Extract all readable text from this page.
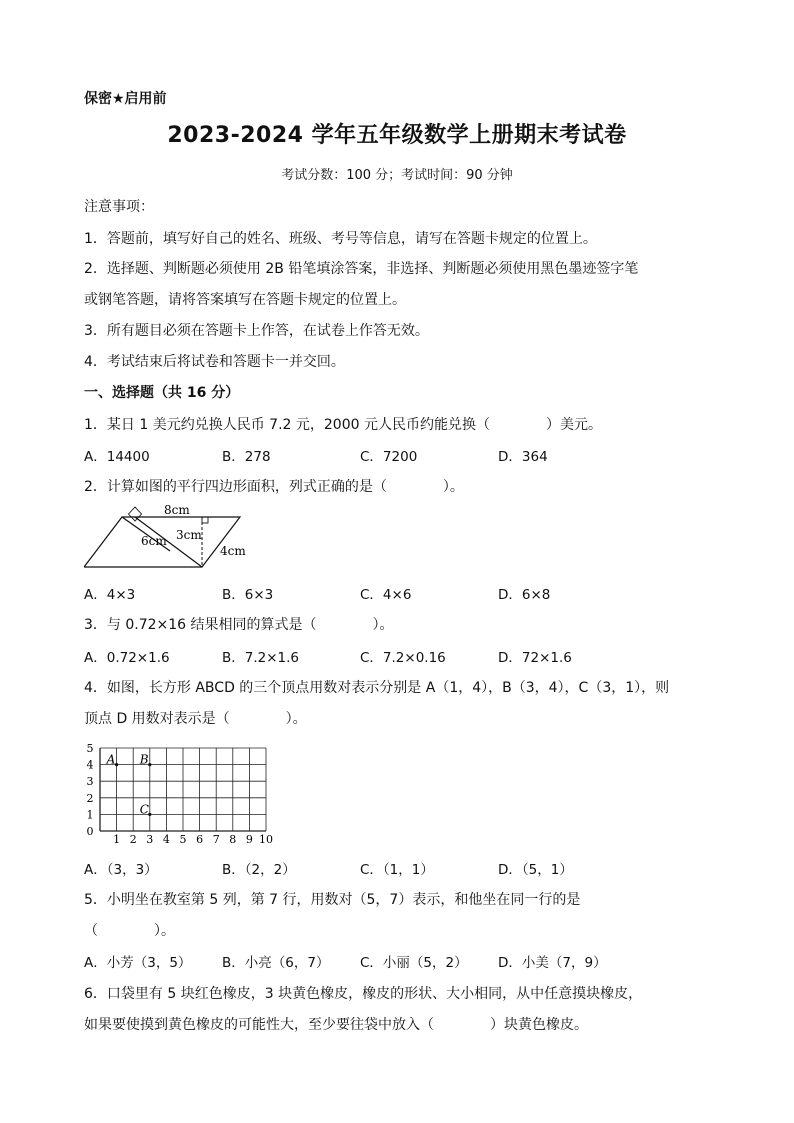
保密★启用前
2023-2024 学年五年级数学上册期末考试卷
考试分数：100 分；考试时间：90 分钟
注意事项：
1．答题前，填写好自己的姓名、班级、考号等信息，请写在答题卡规定的位置上。
2．选择题、判断题必须使用 2B 铅笔填涂答案，非选择、判断题必须使用黑色墨迹签字笔
或钢笔答题，请将答案填写在答题卡规定的位置上。
3．所有题目必须在答题卡上作答，在试卷上作答无效。
4．考试结束后将试卷和答题卡一并交回。
一、选择题（共 16 分）
1．某日 1 美元约兑换人民币 7.2 元，2000 元人民币约能兑换（　　　　）美元。
A．14400	B．278	C．7200	D．364
2．计算如图的平行四边形面积，列式正确的是（　　　　）。
8cm
3cm
6cm
4cm
A．4×3	B．6×3	C．4×6	D．6×8
3．与 0.72×16 结果相同的算式是（　　　　）。
A．0.72×1.6	B．7.2×1.6	C．7.2×0.16	D．72×1.6
4．如图，长方形 ABCD 的三个顶点用数对表示分别是 A（1，4），B（3，4），C（3，1），则
顶点 D 用数对表示是（　　　　）。
1 2 3 4 5 6 7 8 9 10
0
1
2
3
4
5
A B
C
A．（3，3）	B．（2，2）	C．（1，1）	D．（5，1）
5．小明坐在教室第 5 列，第 7 行，用数对（5，7）表示，和他坐在同一行的是
（　　　　）。
A．小芳（3，5） B．小亮（6，7） C．小丽（5，2） D．小美（7，9）
6．口袋里有 5 块红色橡皮，3 块黄色橡皮，橡皮的形状、大小相同，从中任意摸块橡皮，
如果要使摸到黄色橡皮的可能性大，至少要往袋中放入（　　　　）块黄色橡皮。
